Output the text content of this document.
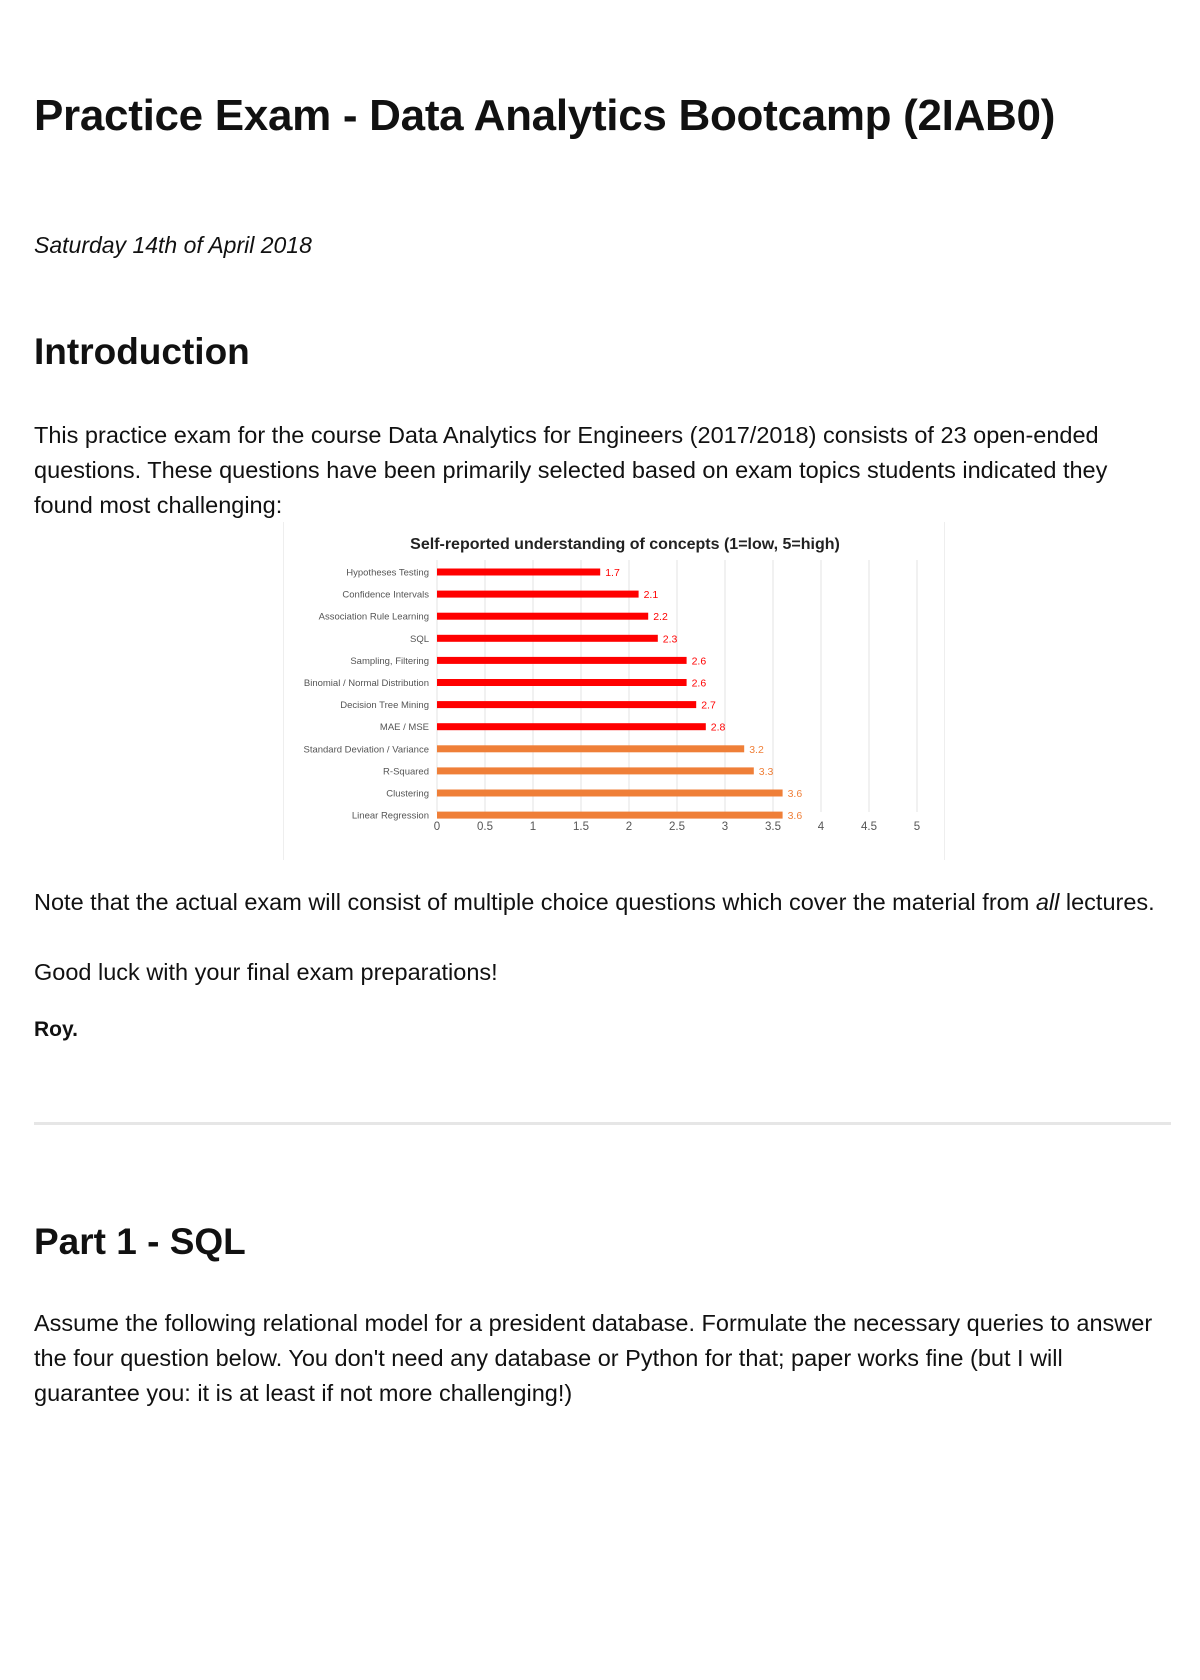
Practice Exam - Data Analytics Bootcamp (2IAB0)

Saturday 14th of April 2018

Introduction

This practice exam for the course Data Analytics for Engineers (2017/2018) consists of 23 open-ended questions. These questions have been primarily selected based on exam topics students indicated they found most challenging:

Self-reported understanding of concepts (1=low, 5=high)
Hypotheses Testing
Confidence Intervals
Association Rule Learning
SQL
Sampling, Filtering
Binomial / Normal Distribution
Decision Tree Mining
MAE / MSE
Standard Deviation / Variance
R-Squared
Clustering
Linear Regression
1.7
2.1
2.2
2.3
2.6
2.6
2.7
2.8
3.2
3.3
3.6
3.6
0	0.5	1	1.5	2	2.5	3	3.5	4	4.5	5

Note that the actual exam will consist of multiple choice questions which cover the material from all lectures.

Good luck with your final exam preparations!

Roy.

Part 1 - SQL

Assume the following relational model for a president database. Formulate the necessary queries to answer the four question below. You don't need any database or Python for that; paper works fine (but I will guarantee you: it is at least if not more challenging!)
